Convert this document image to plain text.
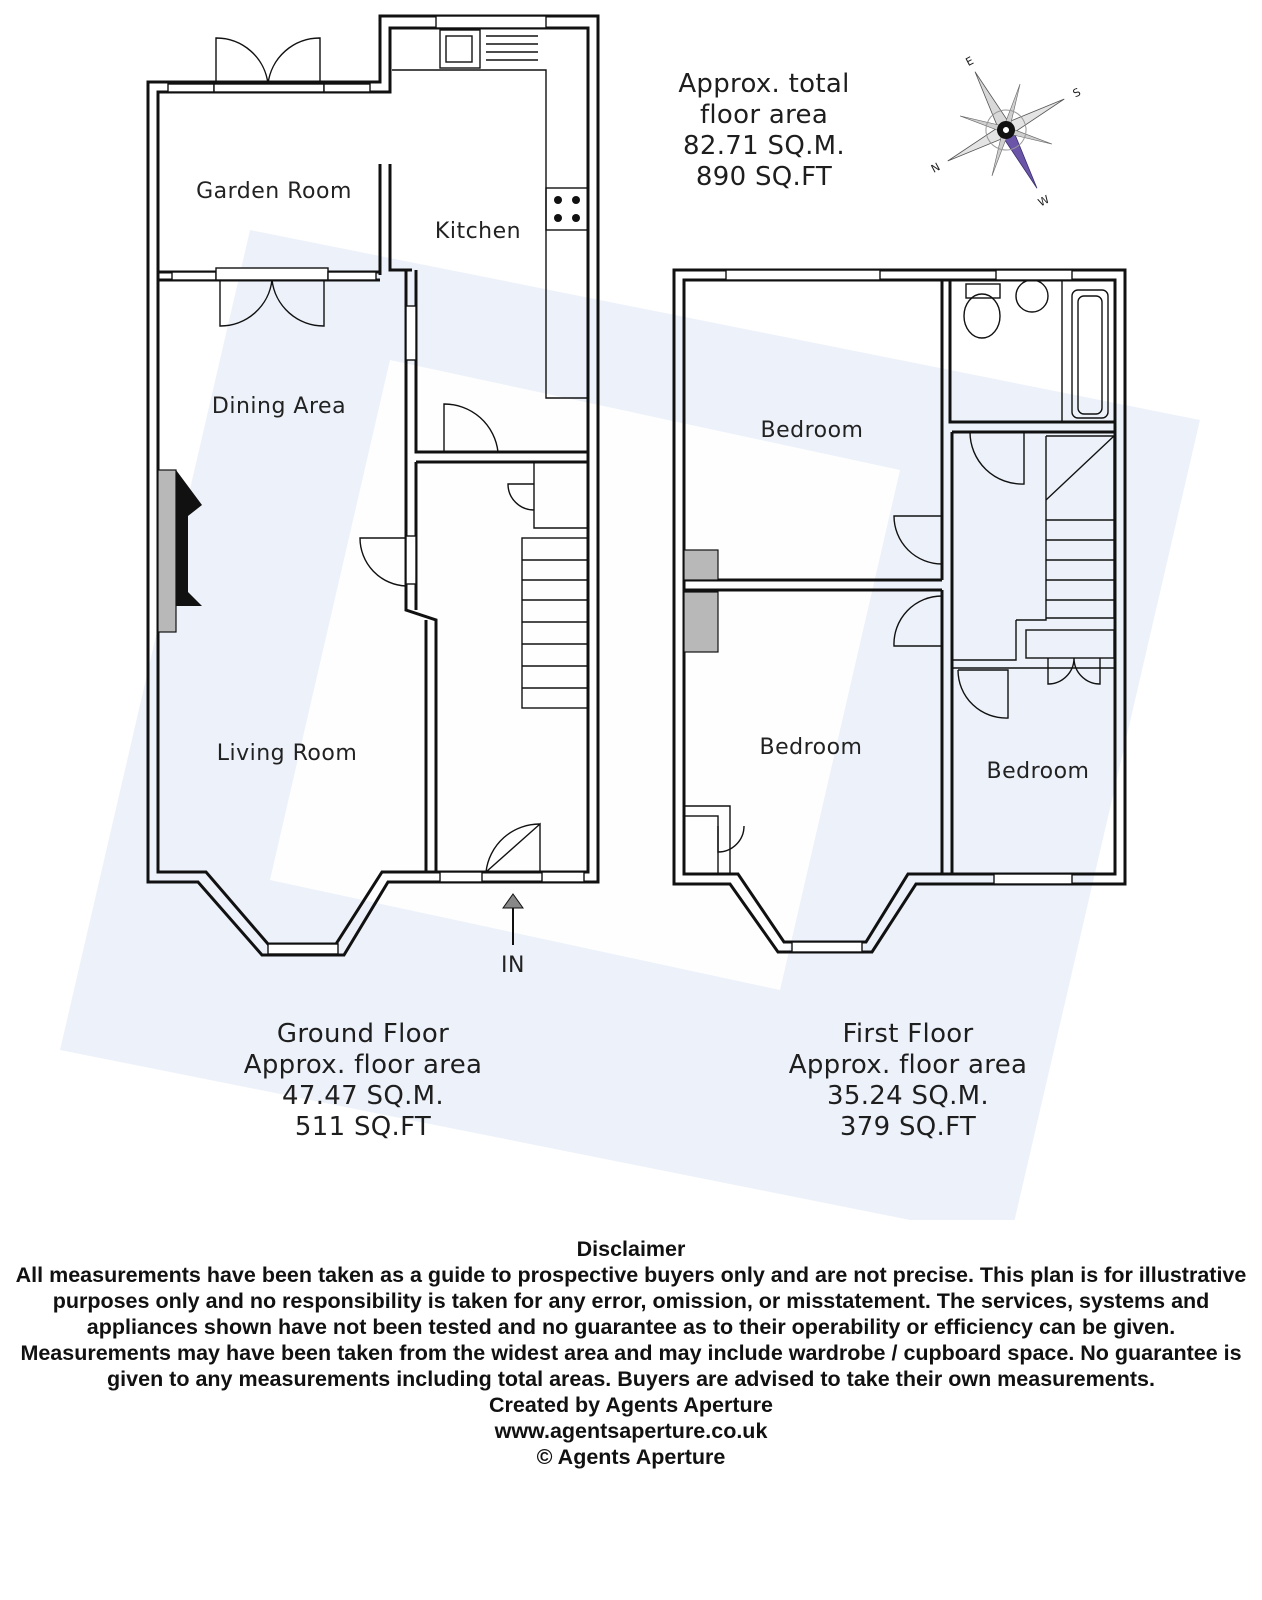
Garden Room
Kitchen
Dining Area
Living Room
IN
Bedroom
Bedroom
Bedroom
N
S
E
W
Approx. total
floor area
82.71 SQ.M.
890 SQ.FT
Ground Floor
Approx. floor area
47.47 SQ.M.
511 SQ.FT
First Floor
Approx. floor area
35.24 SQ.M.
379 SQ.FT
Disclaimer
All measurements have been taken as a guide to prospective buyers only and are not precise. This plan is for illustrative purposes only and no responsibility is taken for any error, omission, or misstatement. The services, systems and appliances shown have not been tested and no guarantee as to their operability or efficiency can be given. Measurements may have been taken from the widest area and may include wardrobe / cupboard space. No guarantee is given to any measurements including total areas. Buyers are advised to take their own measurements.
Created by Agents Aperture
www.agentsaperture.co.uk
© Agents Aperture
